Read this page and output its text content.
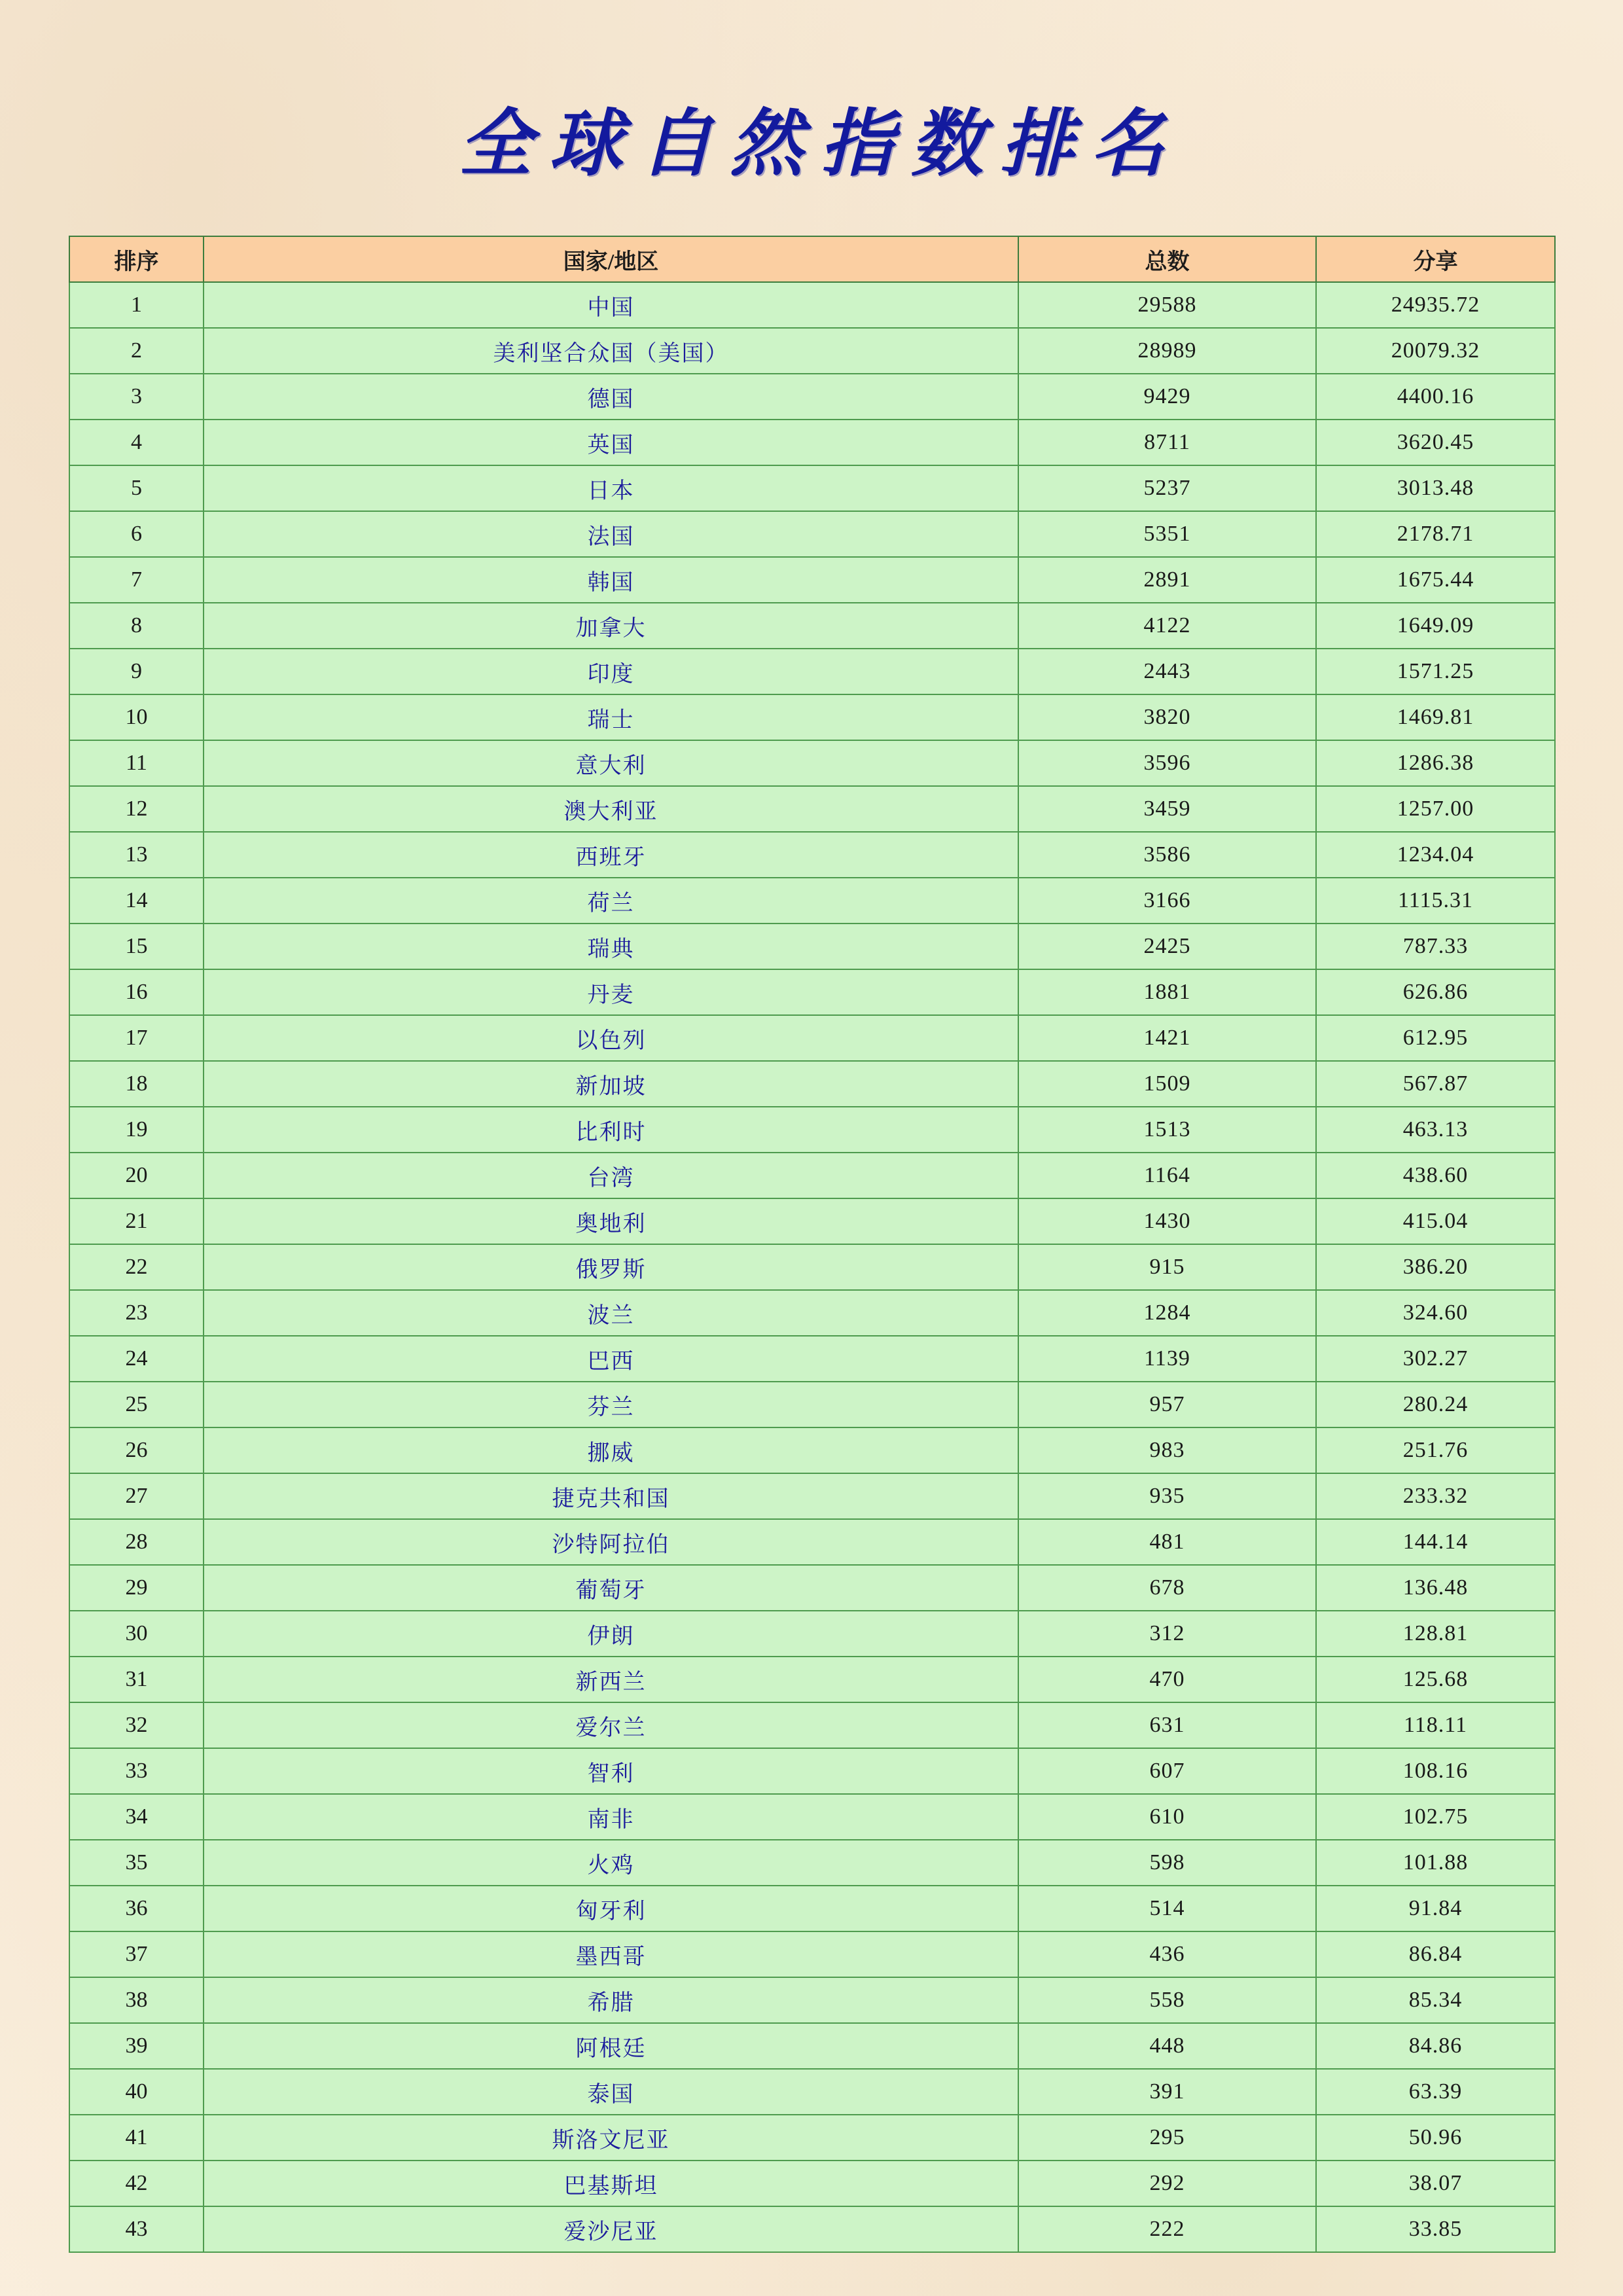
全球自然指数排名
排序	国家/地区	总数	分享
1	中国	29588	24935.72
2	美利坚合众国（美国）	28989	20079.32
3	德国	9429	4400.16
4	英国	8711	3620.45
5	日本	5237	3013.48
6	法国	5351	2178.71
7	韩国	2891	1675.44
8	加拿大	4122	1649.09
9	印度	2443	1571.25
10	瑞士	3820	1469.81
11	意大利	3596	1286.38
12	澳大利亚	3459	1257.00
13	西班牙	3586	1234.04
14	荷兰	3166	1115.31
15	瑞典	2425	787.33
16	丹麦	1881	626.86
17	以色列	1421	612.95
18	新加坡	1509	567.87
19	比利时	1513	463.13
20	台湾	1164	438.60
21	奥地利	1430	415.04
22	俄罗斯	915	386.20
23	波兰	1284	324.60
24	巴西	1139	302.27
25	芬兰	957	280.24
26	挪威	983	251.76
27	捷克共和国	935	233.32
28	沙特阿拉伯	481	144.14
29	葡萄牙	678	136.48
30	伊朗	312	128.81
31	新西兰	470	125.68
32	爱尔兰	631	118.11
33	智利	607	108.16
34	南非	610	102.75
35	火鸡	598	101.88
36	匈牙利	514	91.84
37	墨西哥	436	86.84
38	希腊	558	85.34
39	阿根廷	448	84.86
40	泰国	391	63.39
41	斯洛文尼亚	295	50.96
42	巴基斯坦	292	38.07
43	爱沙尼亚	222	33.85
